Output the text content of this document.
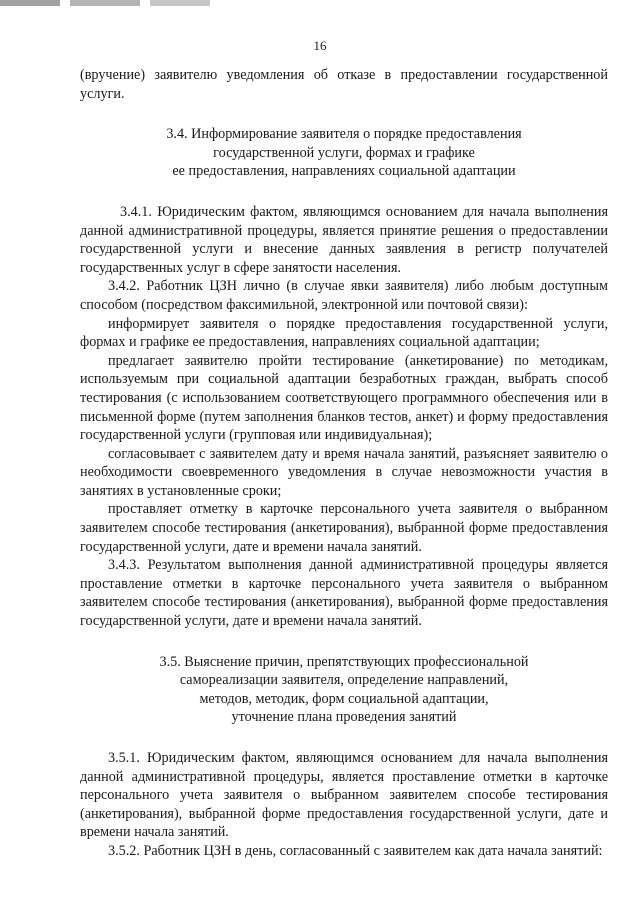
16

(вручение) заявителю уведомления об отказе в предоставлении государственной услуги.

3.4. Информирование заявителя о порядке предоставления

государственной услуги, формах и графике

ее предоставления, направлениях социальной адаптации

3.4.1. Юридическим фактом, являющимся основанием для начала выполнения данной административной процедуры, является принятие решения о предоставлении государственной услуги и внесение данных заявления в регистр получателей государственных услуг в сфере занятости населения.

3.4.2. Работник ЦЗН лично (в случае явки заявителя) либо любым доступным способом (посредством факсимильной, электронной или почтовой связи):

информирует заявителя о порядке предоставления государственной услуги, формах и графике ее предоставления, направлениях социальной адаптации;

предлагает заявителю пройти тестирование (анкетирование) по методикам, используемым при социальной адаптации безработных граждан, выбрать способ тестирования (с использованием соответствующего программного обеспечения или в письменной форме (путем заполнения бланков тестов, анкет) и форму предоставления государственной услуги (групповая или индивидуальная);

согласовывает с заявителем дату и время начала занятий, разъясняет заявителю о необходимости своевременного уведомления в случае невозможности участия в занятиях в установленные сроки;

проставляет отметку в карточке персонального учета заявителя о выбранном заявителем способе тестирования (анкетирования), выбранной форме предоставления государственной услуги, дате и времени начала занятий.

3.4.3. Результатом выполнения данной административной процедуры является проставление отметки в карточке персонального учета заявителя о выбранном заявителем способе тестирования (анкетирования), выбранной форме предоставления государственной услуги, дате и времени начала занятий.

3.5. Выяснение причин, препятствующих профессиональной

самореализации заявителя, определение направлений,

методов, методик, форм социальной адаптации,

уточнение плана проведения занятий

3.5.1. Юридическим фактом, являющимся основанием для начала выполнения данной административной процедуры, является проставление отметки в карточке персонального учета заявителя о выбранном заявителем способе тестирования (анкетирования), выбранной форме предоставления государственной услуги, дате и времени начала занятий.

3.5.2. Работник ЦЗН в день, согласованный с заявителем как дата начала занятий:
